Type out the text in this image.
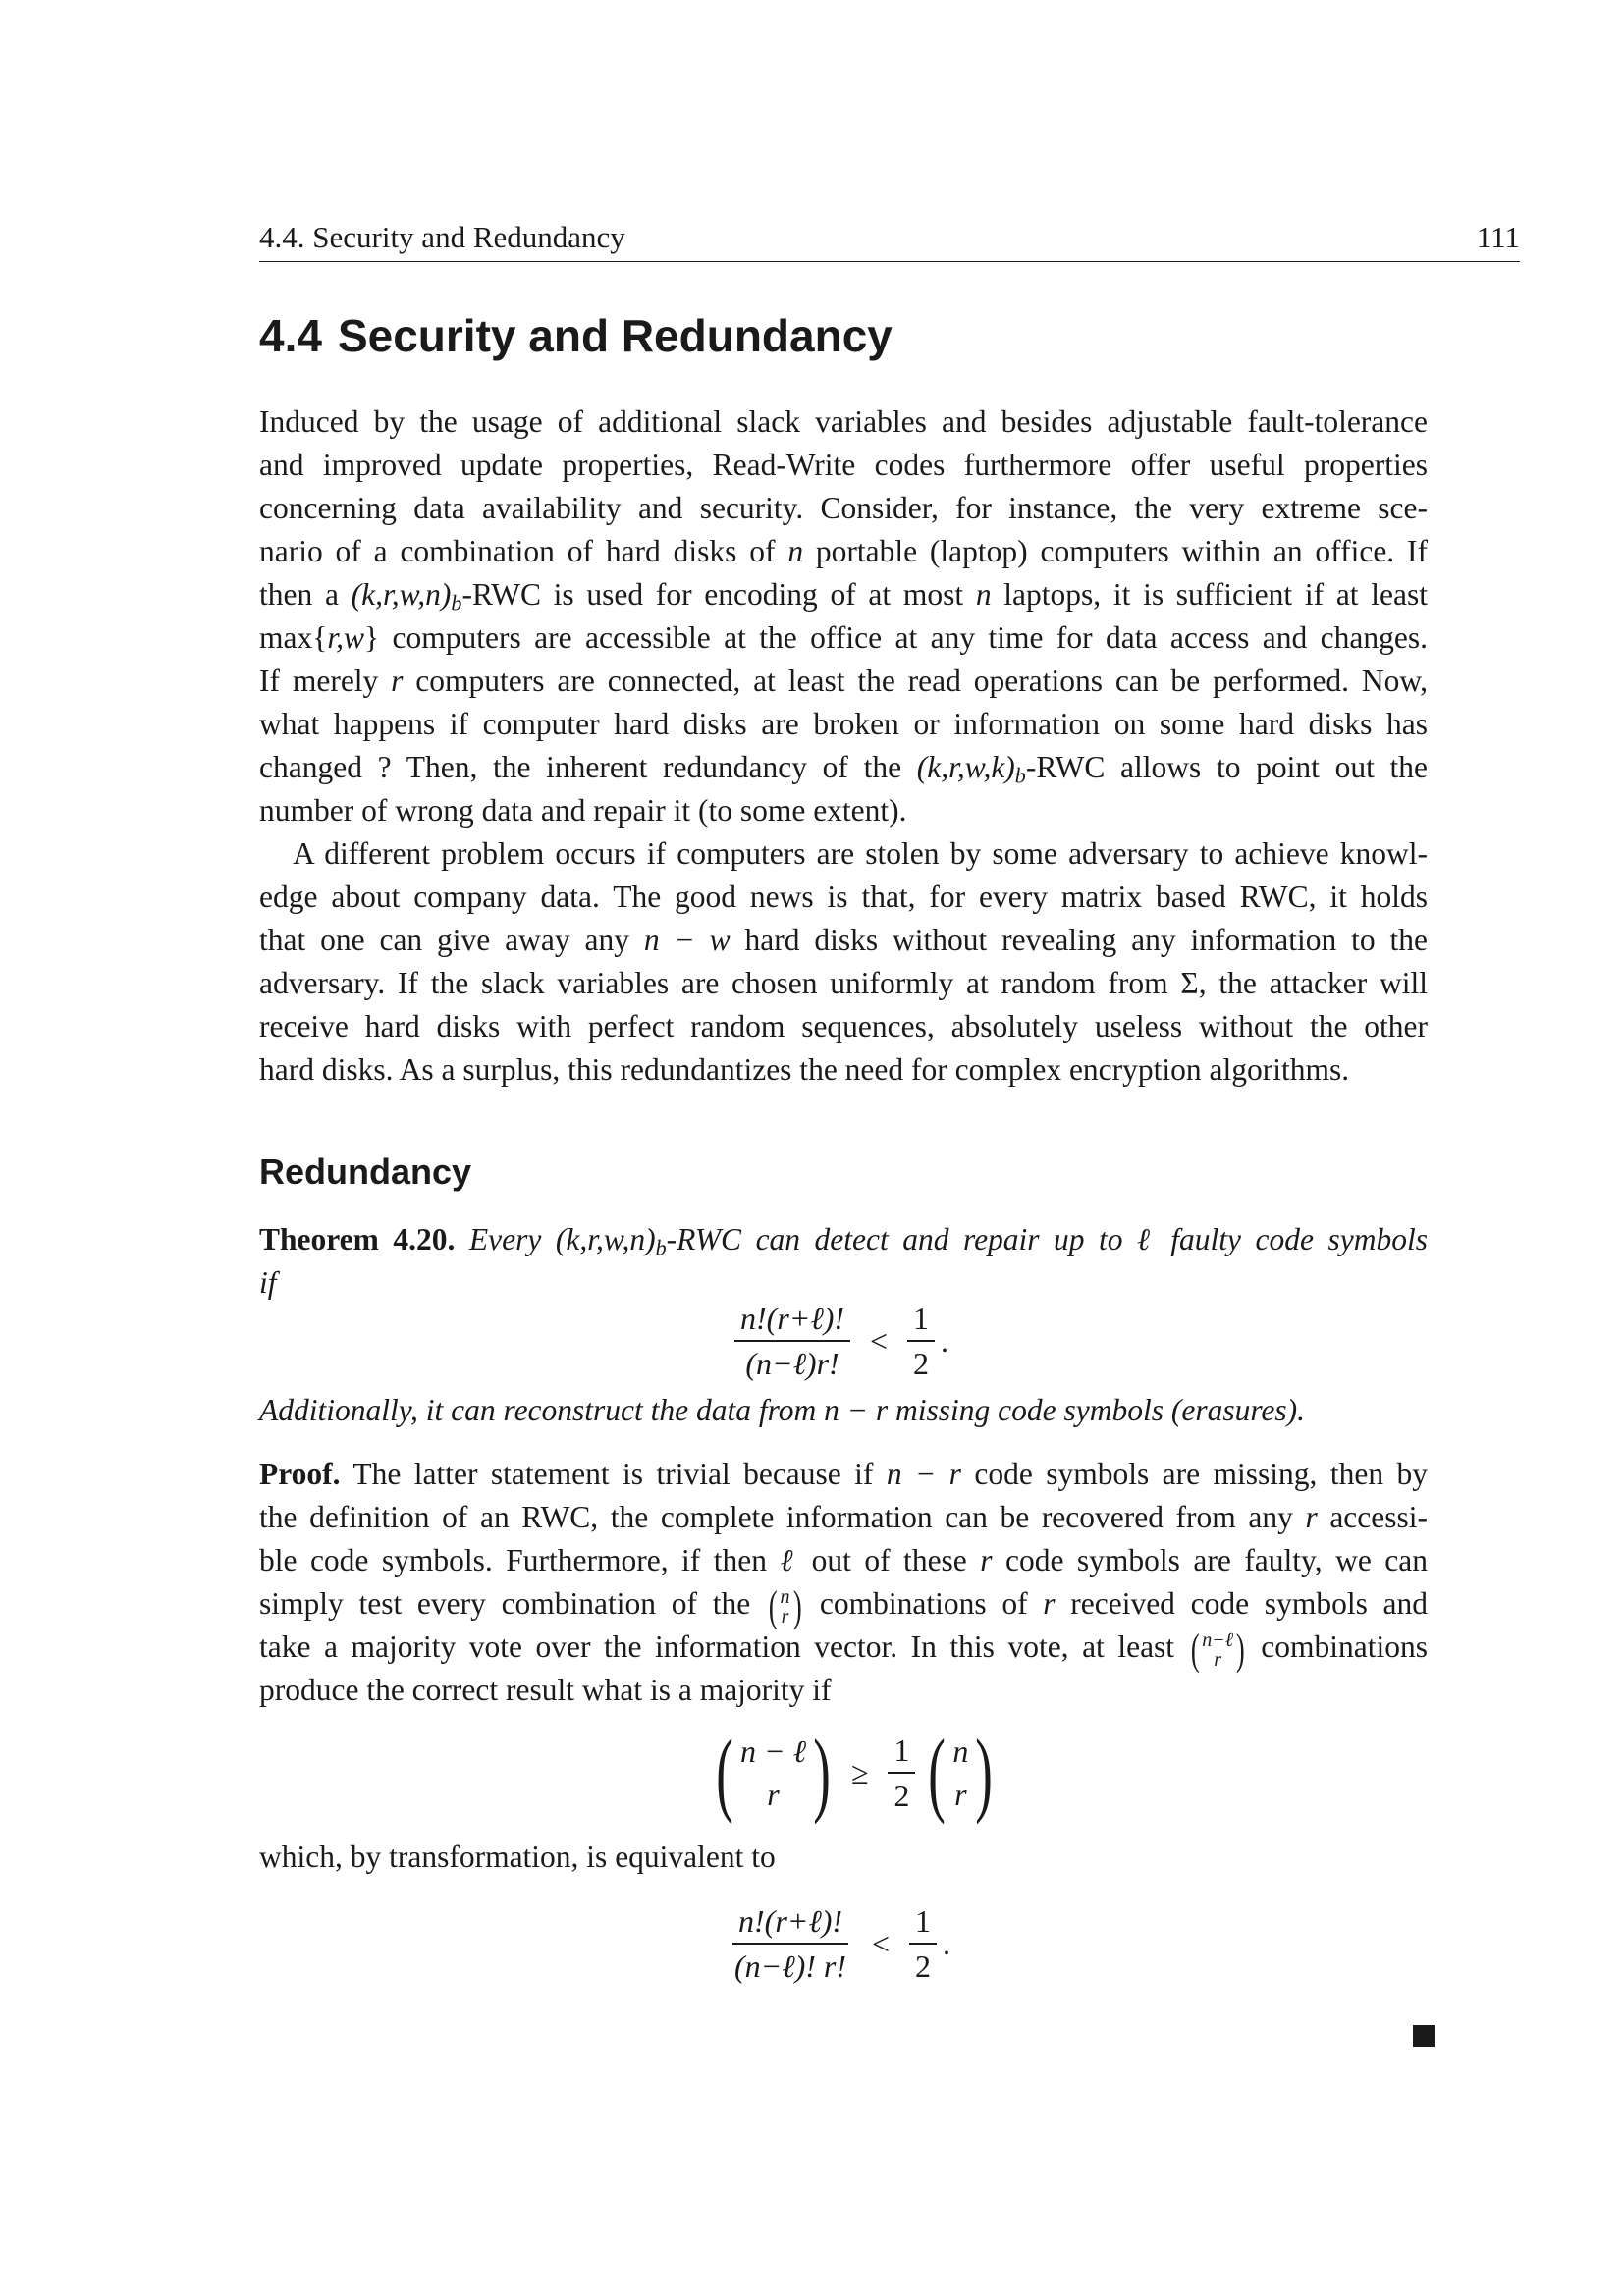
4.4. Security and Redundancy	111
4.4 Security and Redundancy
Induced by the usage of additional slack variables and besides adjustable fault-tolerance
and improved update properties, Read-Write codes furthermore offer useful properties
concerning data availability and security. Consider, for instance, the very extreme sce-
nario of a combination of hard disks of n portable (laptop) computers within an office. If
then a $(k,r,w,n)_b$-RWC is used for encoding of at most n laptops, it is sufficient if at least
max{r,w} computers are accessible at the office at any time for data access and changes.
If merely r computers are connected, at least the read operations can be performed. Now,
what happens if computer hard disks are broken or information on some hard disks has
changed ? Then, the inherent redundancy of the $(k,r,w,k)_b$-RWC allows to point out the
number of wrong data and repair it (to some extent).
A different problem occurs if computers are stolen by some adversary to achieve knowl-
edge about company data. The good news is that, for every matrix based RWC, it holds
that one can give away any n − w hard disks without revealing any information to the
adversary. If the slack variables are chosen uniformly at random from Σ, the attacker will
receive hard disks with perfect random sequences, absolutely useless without the other
hard disks. As a surplus, this redundantizes the need for complex encryption algorithms.
Redundancy
Theorem 4.20. Every $(k,r,w,n)_b$-RWC can detect and repair up to ℓ faulty code symbols
if
Additionally, it can reconstruct the data from n − r missing code symbols (erasures).
$\frac{\text{n!(r+ℓ)!}}{\text{(n−ℓ)r!}} < \frac{1}{2}$ .
Proof. The latter statement is trivial because if n − r code symbols are missing, then by
the definition of an RWC, the complete information can be recovered from any r accessi-
ble code symbols. Furthermore, if then ℓ out of these r code symbols are faulty, we can
simply test every combination of the ( n
r ) combinations of r received code symbols and
take a majority vote over the information vector. In this vote, at least ( n−ℓ
r ) combinations
produce the correct result what is a majority if
which, by transformation, is equivalent to
( n − ℓ
r ) ≥ $\frac{1}{2}$ ( n
r )
$\frac{\text{n!(r+ℓ)!}}{\text{(n−ℓ)! r!}} < \frac{1}{2}$ .
